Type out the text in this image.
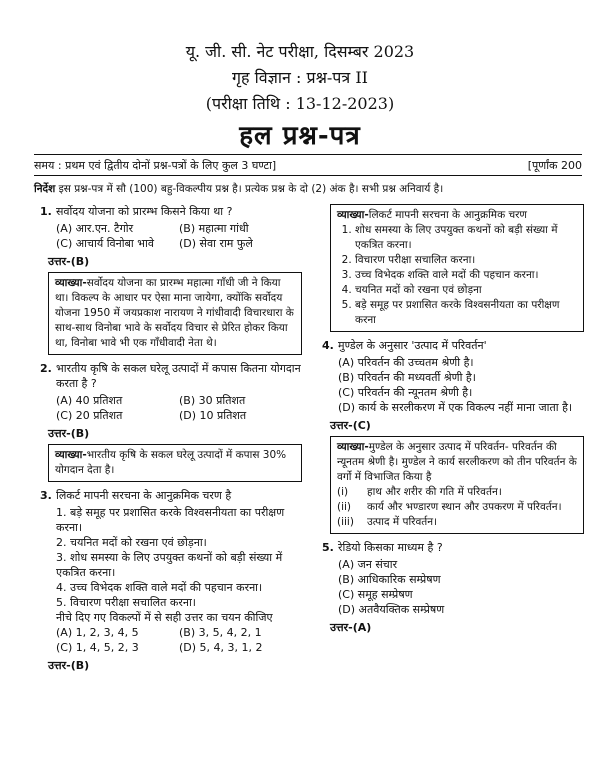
यू. जी. सी. नेट परीक्षा, दिसम्बर 2023
गृह विज्ञान : प्रश्न-पत्र II
(परीक्षा तिथि : 13-12-2023)
हल प्रश्न-पत्र
समय : प्रथम एवं द्वितीय दोनों प्रश्न-पत्रों के लिए कुल 3 घण्टा]	[पूर्णांक 200
निर्देश इस प्रश्न-पत्र में सौ (100) बहु-विकल्पीय प्रश्न है। प्रत्येक प्रश्न के दो (2) अंक है। सभी प्रश्न अनिवार्य है।
1. सर्वोदय योजना को प्रारम्भ किसने किया था ?
(A) आर.एन. टैगोर	(B) महात्मा गांधी
(C) आचार्य विनोबा भावे	(D) सेवा राम फुले
उत्तर-(B)
व्याख्या-सर्वोदय योजना का प्रारम्भ महात्मा गाँधी जी ने किया था। विकल्प के आधार पर ऐसा माना जायेगा, क्योंकि सर्वोदय योजना 1950 में जयप्रकाश नारायण ने गांधीवादी विचारधारा के साथ-साथ विनोबा भावे के सर्वोदय विचार से प्रेरित होकर किया था, विनोबा भावे भी एक गाँधीवादी नेता थे।
2. भारतीय कृषि के सकल घरेलू उत्पादों में कपास कितना योगदान करता है ?
(A) 40 प्रतिशत	(B) 30 प्रतिशत
(C) 20 प्रतिशत	(D) 10 प्रतिशत
उत्तर-(B)
व्याख्या-भारतीय कृषि के सकल घरेलू उत्पादों में कपास 30% योगदान देता है।
3. लिकर्ट मापनी सरचना के आनुक्रमिक चरण है
1. बड़े समूह पर प्रशासित करके विश्वसनीयता का परीक्षण करना।
2. चयनित मदों को रखना एवं छोड़ना।
3. शोध समस्या के लिए उपयुक्त कथनों को बड़ी संख्या में एकत्रित करना।
4. उच्च विभेदक शक्ति वाले मदों की पहचान करना।
5. विचारण परीक्षा सचालित करना।
नीचे दिए गए विकल्पों में से सही उत्तर का चयन कीजिए
(A) 1, 2, 3, 4, 5	(B) 3, 5, 4, 2, 1
(C) 1, 4, 5, 2, 3	(D) 5, 4, 3, 1, 2
उत्तर-(B)
व्याख्या-लिकर्ट मापनी सरचना के आनुक्रमिक चरण
1. शोध समस्या के लिए उपयुक्त कथनों को बड़ी संख्या में एकत्रित करना।
2. विचारण परीक्षा सचालित करना।
3. उच्च विभेदक शक्ति वाले मदों की पहचान करना।
4. चयनित मदों को रखना एवं छोड़ना
5. बड़े समूह पर प्रशासित करके विश्वसनीयता का परीक्षण करना
4. मुण्डेल के अनुसार 'उत्पाद में परिवर्तन'
(A) परिवर्तन की उच्चतम श्रेणी है।
(B) परिवर्तन की मध्यवर्ती श्रेणी है।
(C) परिवर्तन की न्यूनतम श्रेणी है।
(D) कार्य के सरलीकरण में एक विकल्प नहीं माना जाता है।
उत्तर-(C)
व्याख्या-मुण्डेल के अनुसार उत्पाद में परिवर्तन- परिवर्तन की न्यूनतम श्रेणी है। मुण्डेल ने कार्य सरलीकरण को तीन परिवर्तन के वर्गो में विभाजित किया है
(i) हाथ और शरीर की गति में परिवर्तन।
(ii) कार्य और भण्डारण स्थान और उपकरण में परिवर्तन।
(iii) उत्पाद में परिवर्तन।
5. रेडियो किसका माध्यम है ?
(A) जन संचार
(B) आधिकारिक सम्प्रेषण
(C) समूह सम्प्रेषण
(D) अतवैयक्तिक सम्प्रेषण
उत्तर-(A)
